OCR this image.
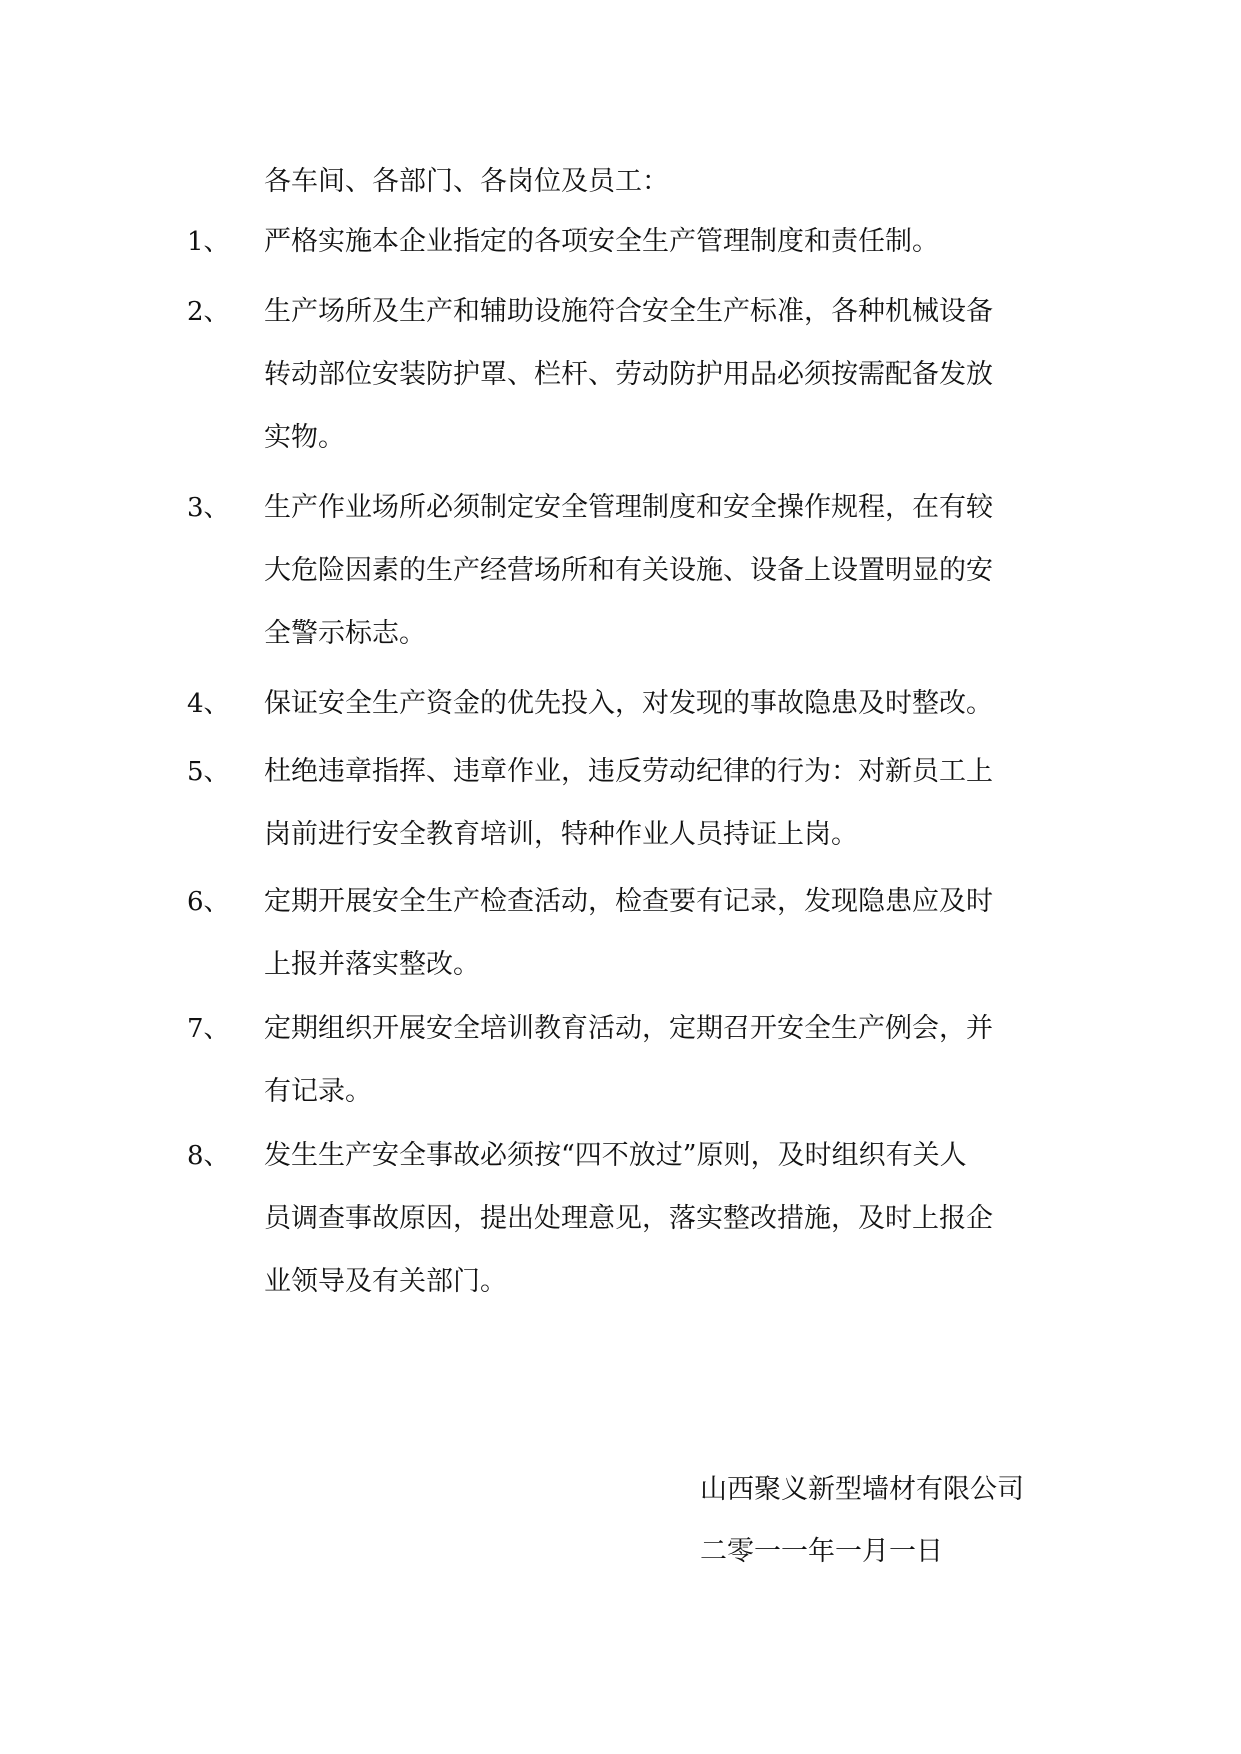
各车间、各部门、各岗位及员工：
1、 严格实施本企业指定的各项安全生产管理制度和责任制。
2、 生产场所及生产和辅助设施符合安全生产标准，各种机械设备
转动部位安装防护罩、栏杆、劳动防护用品必须按需配备发放
实物。
3、 生产作业场所必须制定安全管理制度和安全操作规程，在有较
大危险因素的生产经营场所和有关设施、设备上设置明显的安
全警示标志。
4、 保证安全生产资金的优先投入，对发现的事故隐患及时整改。
5、 杜绝违章指挥、违章作业，违反劳动纪律的行为：对新员工上
岗前进行安全教育培训，特种作业人员持证上岗。
6、 定期开展安全生产检查活动，检查要有记录，发现隐患应及时
上报并落实整改。
7、 定期组织开展安全培训教育活动，定期召开安全生产例会，并
有记录。
8、 发生生产安全事故必须按“四不放过”原则，及时组织有关人
员调查事故原因，提出处理意见，落实整改措施，及时上报企
业领导及有关部门。
山西聚义新型墙材有限公司
二零一一年一月一日
